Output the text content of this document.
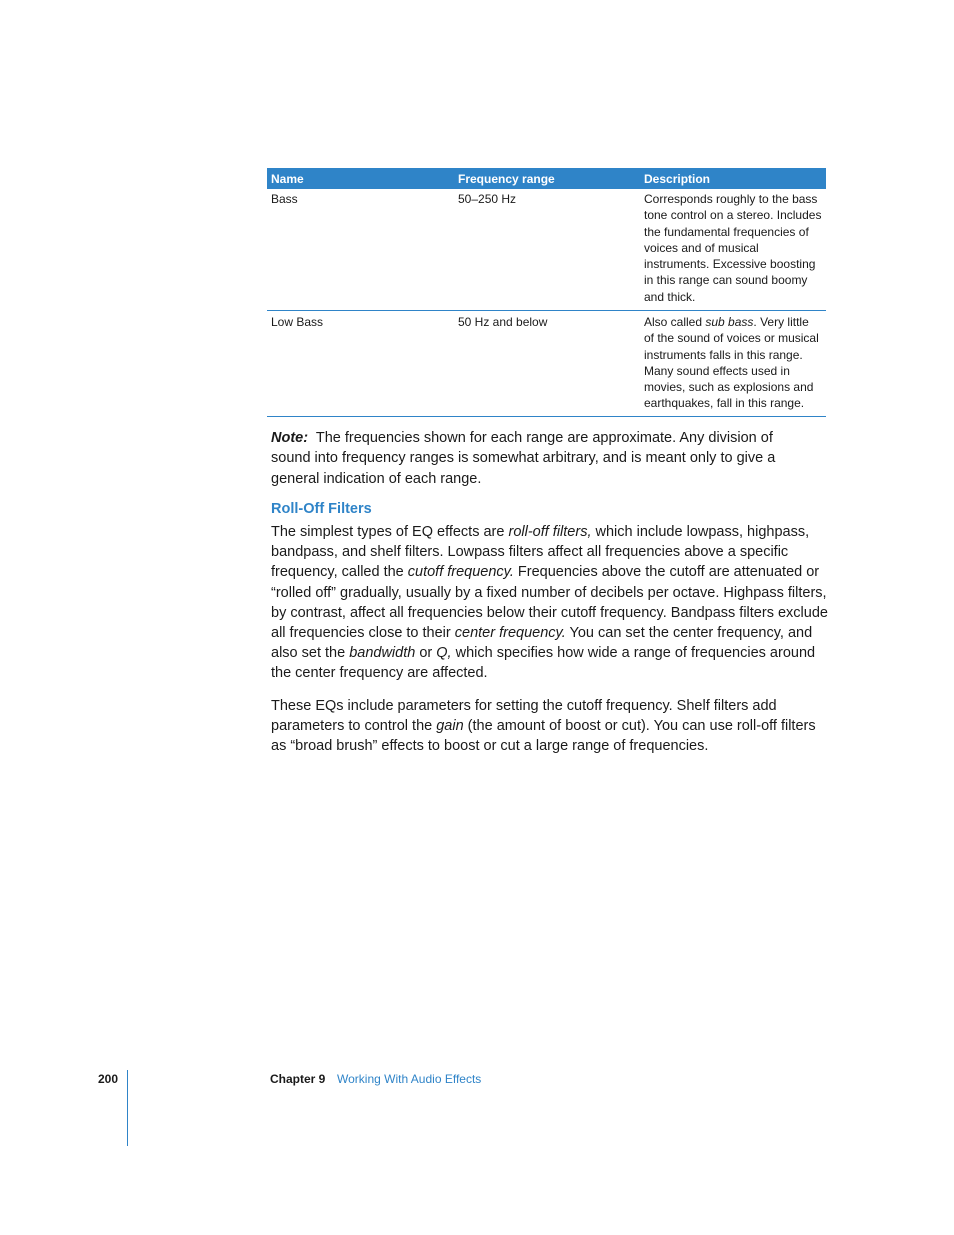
Name	Frequency range	Description
Bass	50–250 Hz	Corresponds roughly to the bass tone control on a stereo. Includes the fundamental frequencies of voices and of musical instruments. Excessive boosting in this range can sound boomy and thick.
Low Bass	50 Hz and below	Also called sub bass. Very little of the sound of voices or musical instruments falls in this range. Many sound effects used in movies, such as explosions and earthquakes, fall in this range.

Note: The frequencies shown for each range are approximate. Any division of sound into frequency ranges is somewhat arbitrary, and is meant only to give a general indication of each range.

Roll-Off Filters

The simplest types of EQ effects are roll-off filters, which include lowpass, highpass, bandpass, and shelf filters. Lowpass filters affect all frequencies above a specific frequency, called the cutoff frequency. Frequencies above the cutoff are attenuated or “rolled off” gradually, usually by a fixed number of decibels per octave. Highpass filters, by contrast, affect all frequencies below their cutoff frequency. Bandpass filters exclude all frequencies close to their center frequency. You can set the center frequency, and also set the bandwidth or Q, which specifies how wide a range of frequencies around the center frequency are affected.

These EQs include parameters for setting the cutoff frequency. Shelf filters add parameters to control the gain (the amount of boost or cut). You can use roll-off filters as “broad brush” effects to boost or cut a large range of frequencies.

200	Chapter 9 Working With Audio Effects
